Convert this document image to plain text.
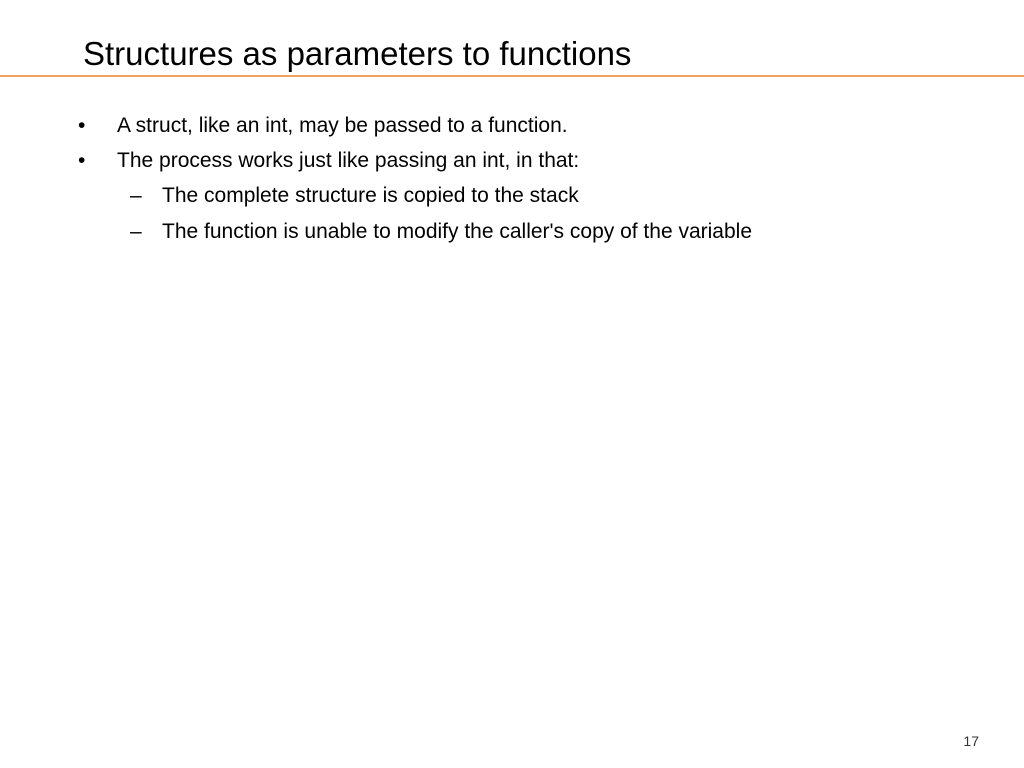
Structures as parameters to functions
• A struct, like an int, may be passed to a function.
• The process works just like passing an int, in that:
– The complete structure is copied to the stack
– The function is unable to modify the caller's copy of the variable
17
